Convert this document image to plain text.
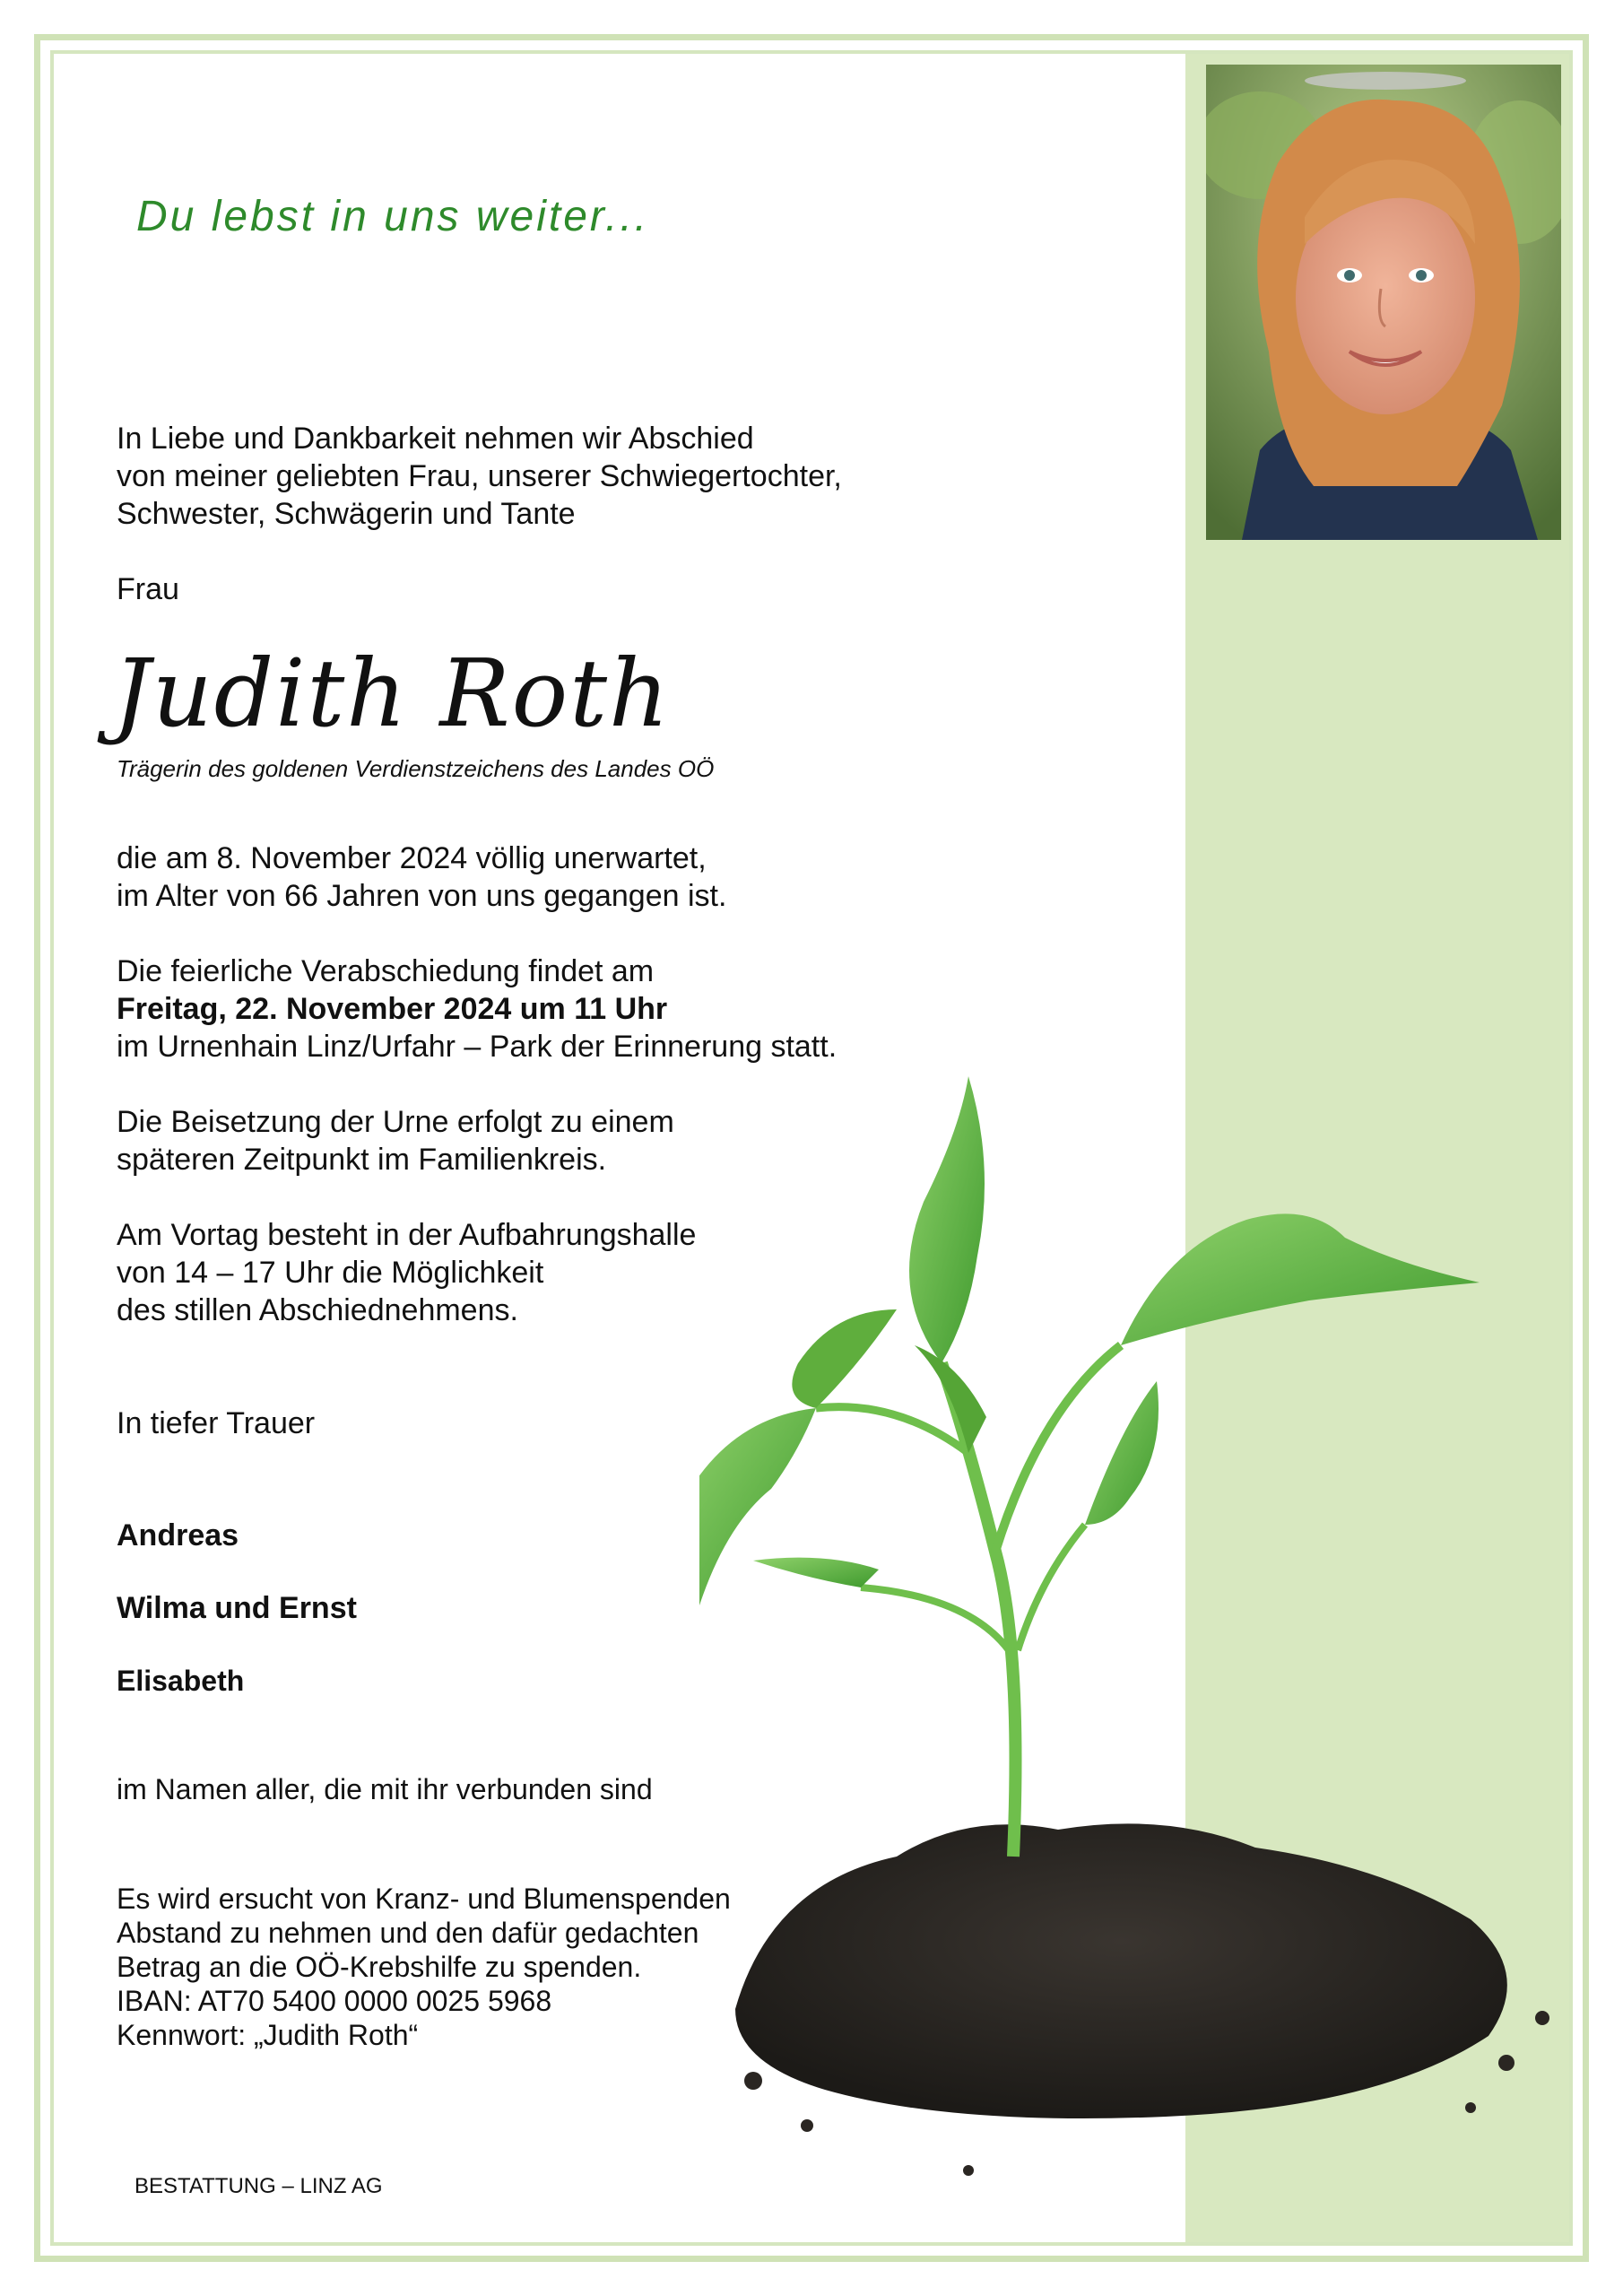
Du lebst in uns weiter...

In Liebe und Dankbarkeit nehmen wir Abschied
von meiner geliebten Frau, unserer Schwiegertochter,
Schwester, Schwägerin und Tante

Frau

Judith Roth

Trägerin des goldenen Verdienstzeichens des Landes OÖ

die am 8. November 2024 völlig unerwartet,
im Alter von 66 Jahren von uns gegangen ist.

Die feierliche Verabschiedung findet am
Freitag, 22. November 2024 um 11 Uhr
im Urnenhain Linz/Urfahr – Park der Erinnerung statt.

Die Beisetzung der Urne erfolgt zu einem
späteren Zeitpunkt im Familienkreis.

Am Vortag besteht in der Aufbahrungshalle
von 14 – 17 Uhr die Möglichkeit
des stillen Abschiednehmens.

In tiefer Trauer

Andreas

Wilma und Ernst

Elisabeth

im Namen aller, die mit ihr verbunden sind

Es wird ersucht von Kranz- und Blumenspenden
Abstand zu nehmen und den dafür gedachten
Betrag an die OÖ-Krebshilfe zu spenden.
IBAN: AT70 5400 0000 0025 5968
Kennwort: „Judith Roth“

BESTATTUNG – LINZ AG
